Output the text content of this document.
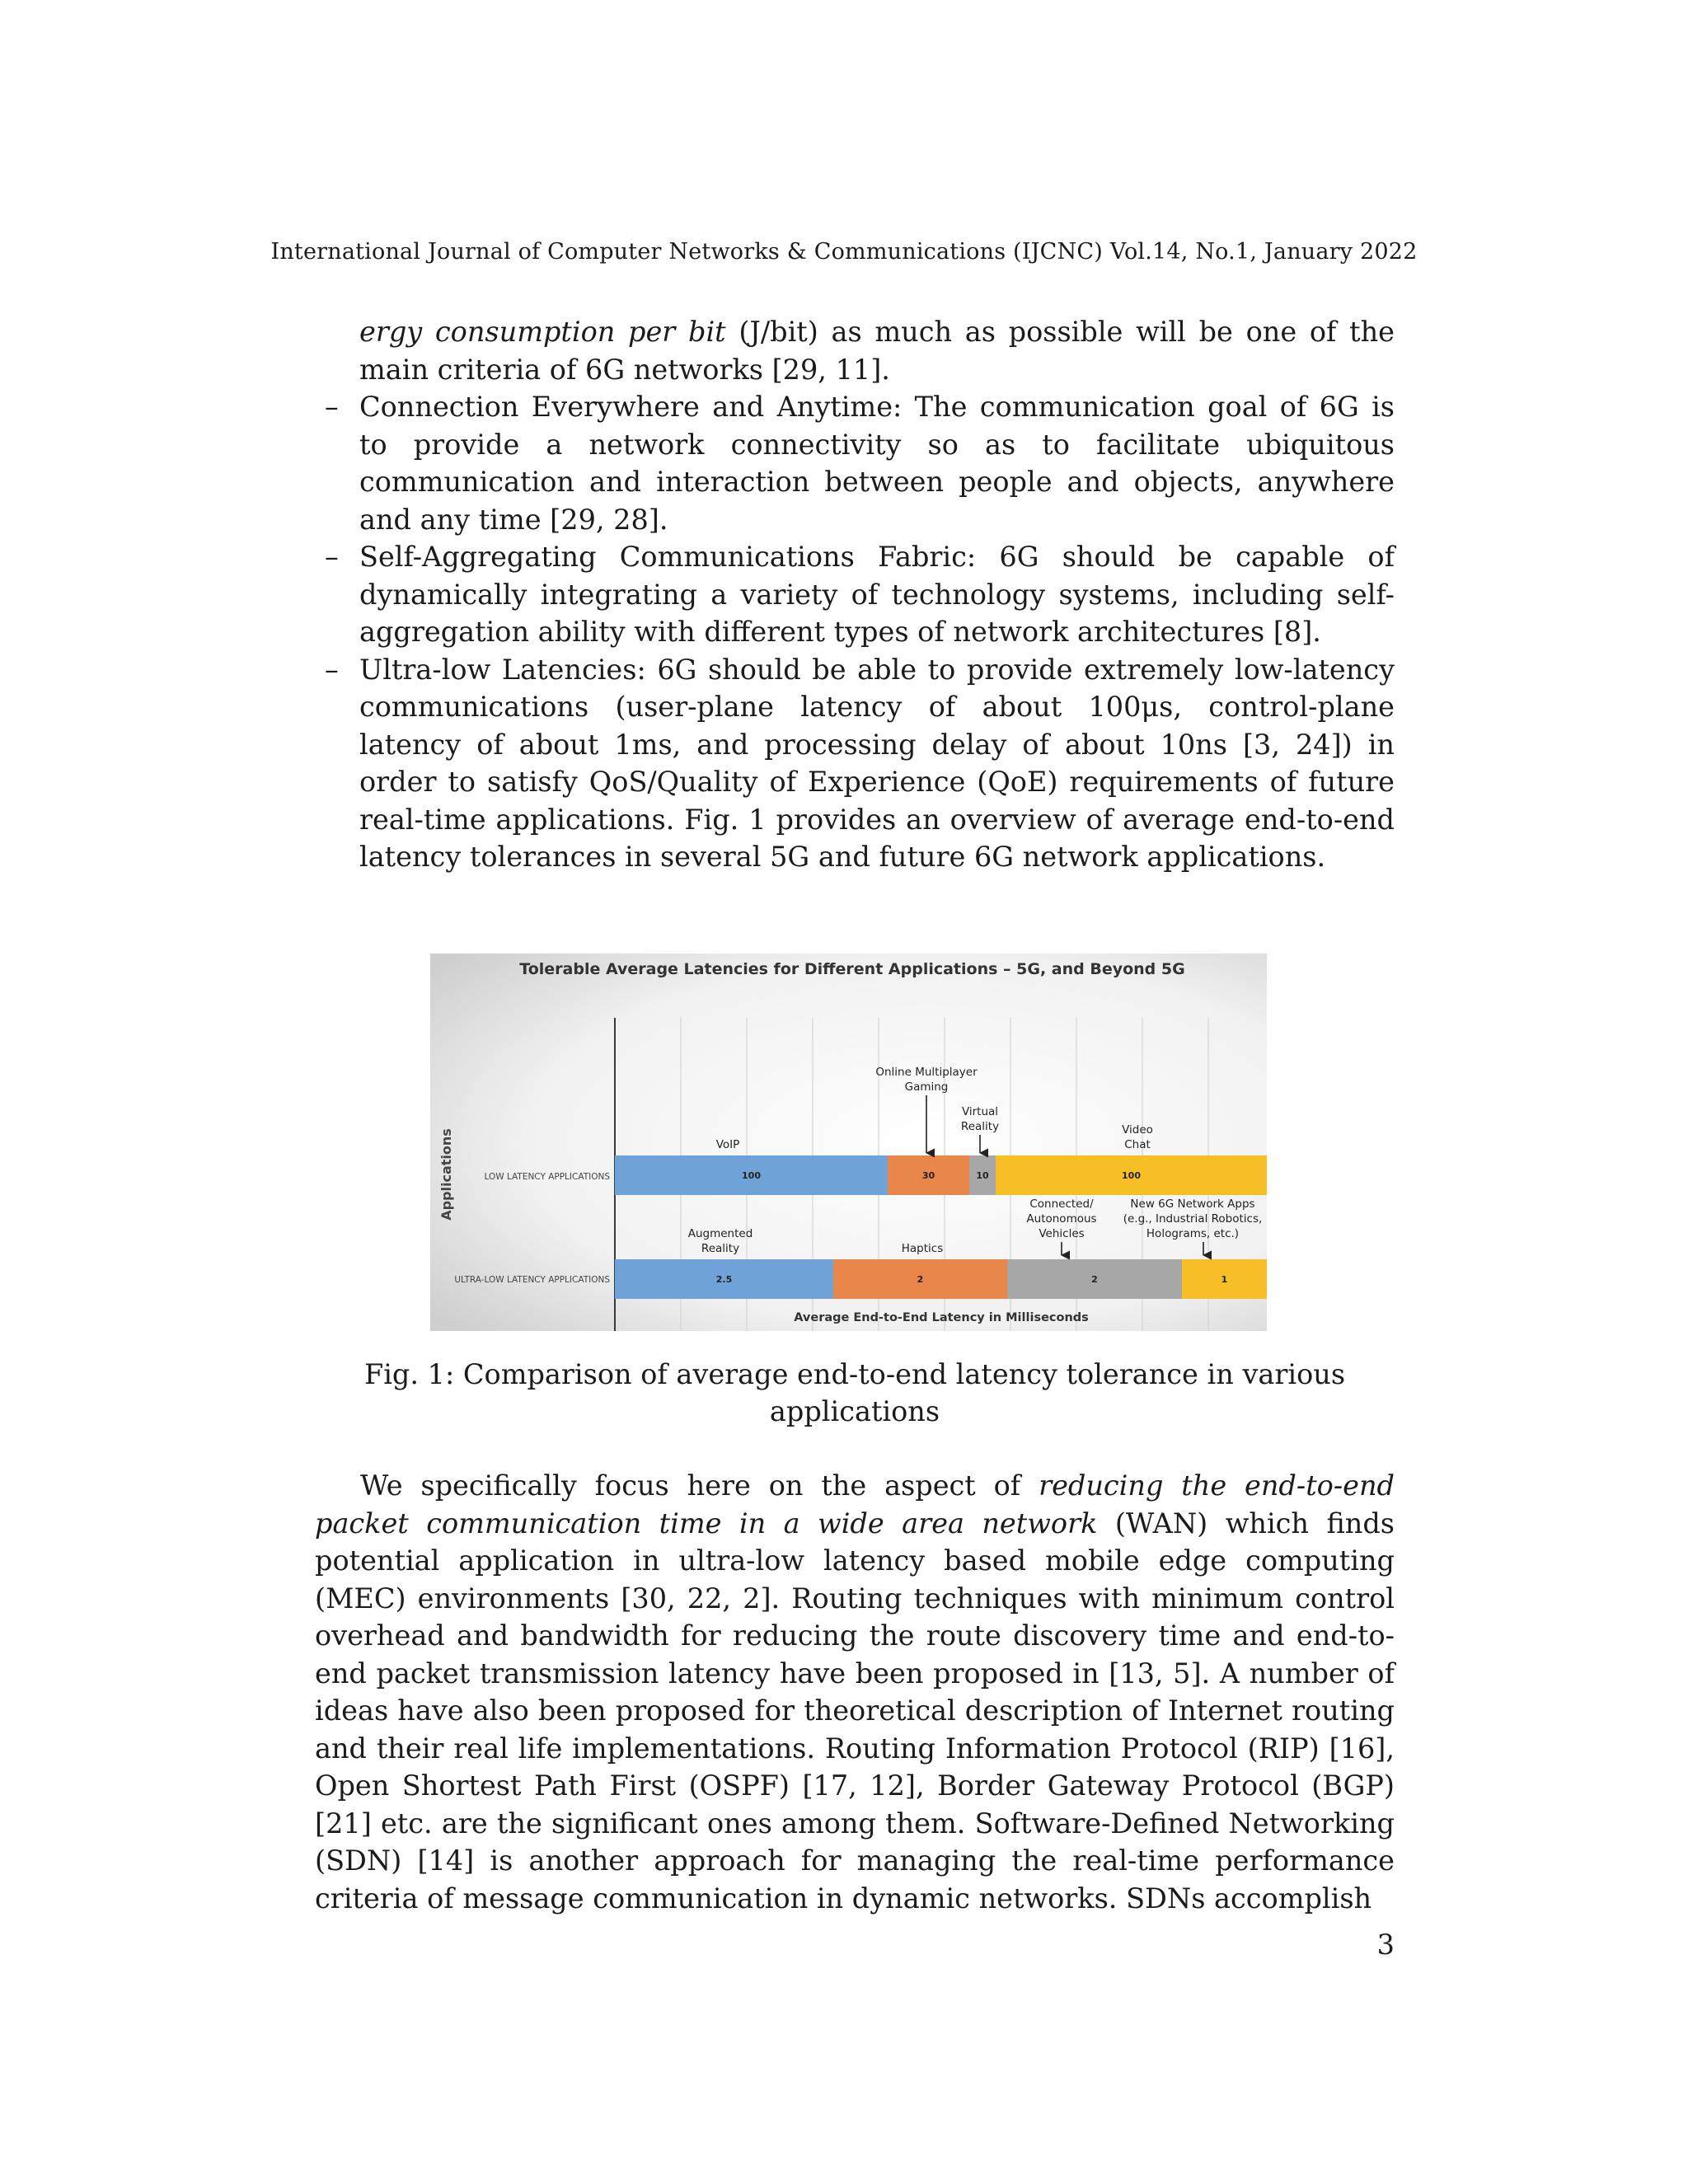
International Journal of Computer Networks & Communications (IJCNC) Vol.14, No.1, January 2022
ergy consumption per bit (J/bit) as much as possible will be one of the main criteria of 6G networks [29, 11].
– Connection Everywhere and Anytime: The communication goal of 6G is to provide a network connectivity so as to facilitate ubiquitous communication and interaction between people and objects, anywhere and any time [29, 28].
– Self-Aggregating Communications Fabric: 6G should be capable of dynamically integrating a variety of technology systems, including self-aggregation ability with different types of network architectures [8].
– Ultra-low Latencies: 6G should be able to provide extremely low-latency communications (user-plane latency of about 100μs, control-plane latency of about 1ms, and processing delay of about 10ns [3, 24]) in order to satisfy QoS/Quality of Experience (QoE) requirements of future real-time applications. Fig. 1 provides an overview of average end-to-end latency tolerances in several 5G and future 6G network applications.
Tolerable Average Latencies for Different Applications – 5G, and Beyond 5G
Applications	LOW LATENCY APPLICATIONS
ULTRA-LOW LATENCY APPLICATIONS
100	30	10	100
2.5	2	2	1
VoIP
Online Multiplayer
Gaming
Virtual
Reality	Video
Chat
Augmented
Reality	Haptics
Connected/
Autonomous
Vehicles
New 6G Network Apps
(e.g., Industrial Robotics,
Holograms, etc.)
Average End-to-End Latency in Milliseconds
Fig. 1: Comparison of average end-to-end latency tolerance in various applications
We specifically focus here on the aspect of reducing the end-to-end packet communication time in a wide area network (WAN) which finds potential application in ultra-low latency based mobile edge computing (MEC) environments [30, 22, 2]. Routing techniques with minimum control overhead and bandwidth for reducing the route discovery time and end-to-end packet transmission latency have been proposed in [13, 5]. A number of ideas have also been proposed for theoretical description of Internet routing and their real life implementations. Routing Information Protocol (RIP) [16], Open Shortest Path First (OSPF) [17, 12], Border Gateway Protocol (BGP) [21] etc. are the significant ones among them. Software-Defined Networking (SDN) [14] is another approach for managing the real-time performance criteria of message communication in dynamic networks. SDNs accomplish
3
